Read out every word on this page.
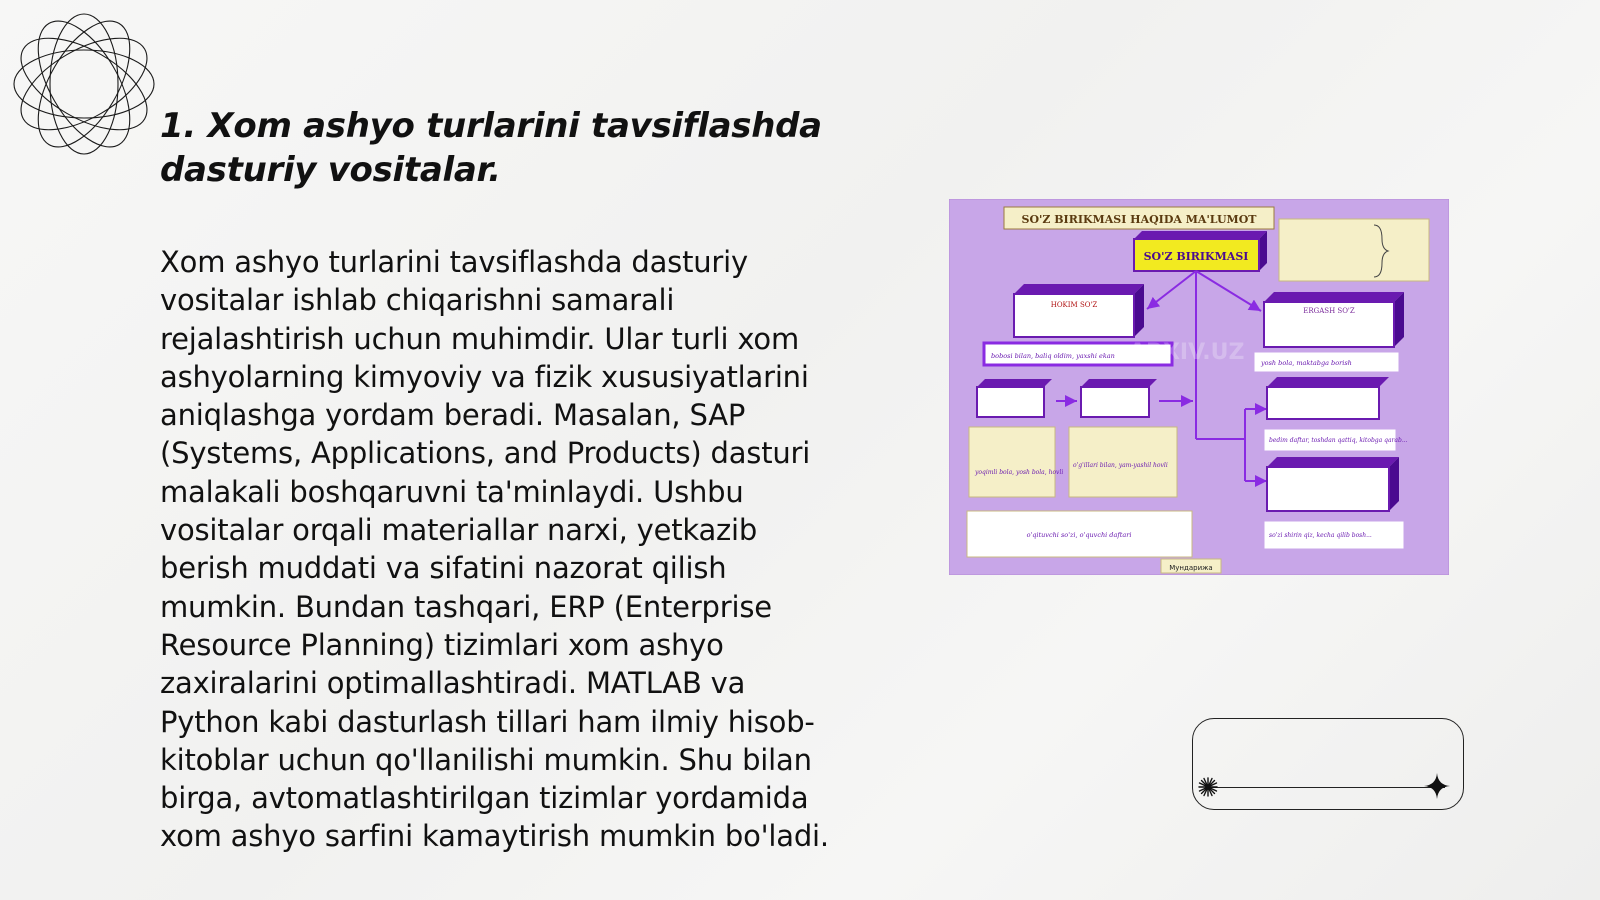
1. Xom ashyo turlarini tavsiflashda
dasturiy vositalar.

Xom ashyo turlarini tavsiflashda dasturiy vositalar ishlab chiqarishni samarali rejalashtirish uchun muhimdir. Ular turli xom ashyolarning kimyoviy va fizik xususiyatlarini aniqlashga yordam beradi. Masalan, SAP (Systems, Applications, and Products) dasturi malakali boshqaruvni ta'minlaydi. Ushbu vositalar orqali materiallar narxi, yetkazib berish muddati va sifatini nazorat qilish mumkin. Bundan tashqari, ERP (Enterprise Resource Planning) tizimlari xom ashyo zaxiralarini optimallashtiradi. MATLAB va Python kabi dasturlash tillari ham ilmiy hisob-kitoblar uchun qo'llanilishi mumkin. Shu bilan birga, avtomatlashtirilgan tizimlar yordamida xom ashyo sarfini kamaytirish mumkin bo'ladi.

SO'Z BIRIKMASI HAQIDA MA'LUMOT
SO'Z BIRIKMASI
HOKIM SO'Z
ERGASH SO'Z
bobosi bilan, baliq oldim, yaxshi ekan
yosh bola, maktabga borish
yoqimli bola, yosh bola, hovli
o'g'illari bilan, yam-yashil hovli
bedim daftar, toshdan qattiq, kitobga qarab...
so'zi shirin qiz, kecha qilib bosh...
o'qituvchi so'zi, o'quvchi daftari
Мундарижа
ARXIV.UZ
